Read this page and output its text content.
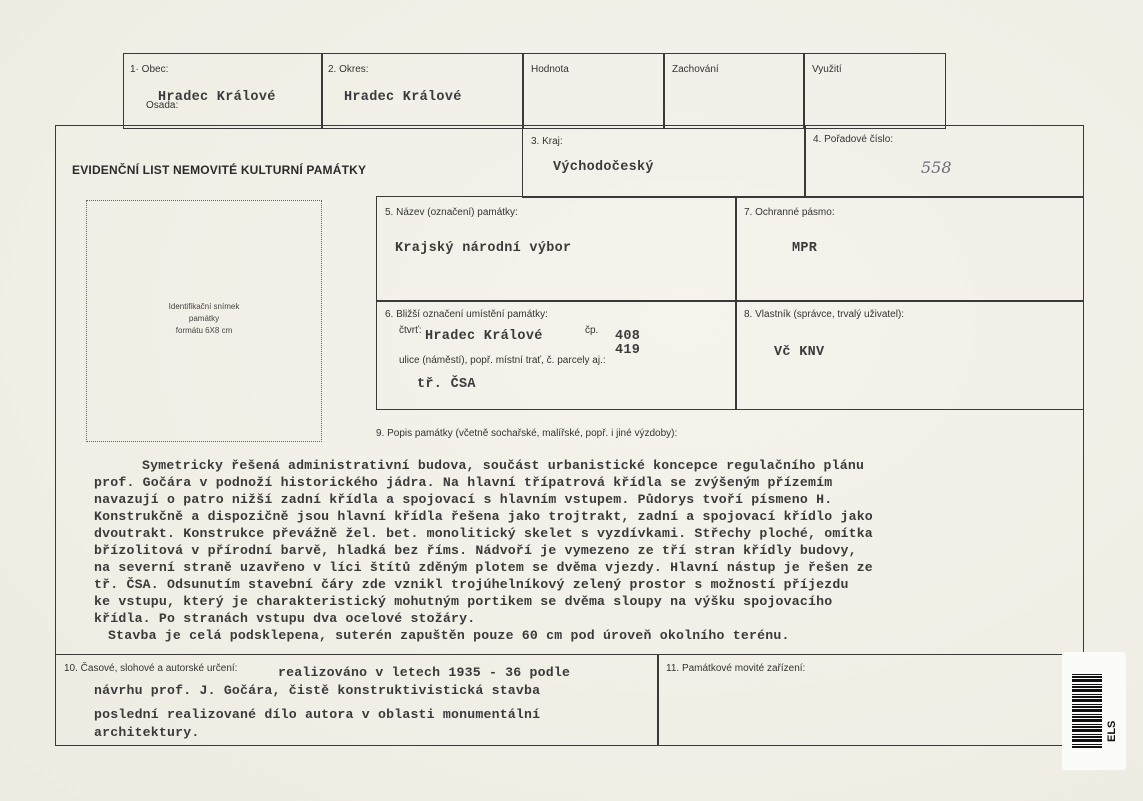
1· Obec:
Osada:
Hradec Králové
2. Okres:
Hradec Králové
Hodnota	Zachování	Využití
EVIDENČNÍ LIST NEMOVITÉ KULTURNÍ PAMÁTKY
3. Kraj:
Východočeský
4. Pořadové číslo:
558
Identifikační snímek
památky
formátu 6X8 cm
5. Název (označení) památky:
Krajský národní výbor
7. Ochranné pásmo:
MPR
6. Bližší označení umístění památky:
čtvrť: Hradec Králové	čp. 408
419
ulice (náměstí), popř. místní trať, č. parcely aj.:
tř. ČSA
8. Vlastník (správce, trvalý uživatel):
Vč KNV
9. Popis památky (včetně sochařské, malířské, popř. i jiné výzdoby):
Symetricky řešená administrativní budova, součást urbanistické koncepce regulačního plánu
prof. Gočára v podnoží historického jádra. Na hlavní třípatrová křídla se zvýšeným přízemím
navazují o patro nižší zadní křídla a spojovací s hlavním vstupem. Půdorys tvoří písmeno H.
Konstrukčně a dispozičně jsou hlavní křídla řešena jako trojtrakt, zadní a spojovací křídlo jako
dvoutrakt. Konstrukce převážně žel. bet. monolitický skelet s vyzdívkami. Střechy ploché, omítka
břízolitová v přírodní barvě, hladká bez říms. Nádvoří je vymezeno ze tří stran křídly budovy,
na severní straně uzavřeno v líci štítů zděným plotem se dvěma vjezdy. Hlavní nástup je řešen ze
tř. ČSA. Odsunutím stavební čáry zde vznikl trojúhelníkový zelený prostor s možností příjezdu
ke vstupu, který je charakteristický mohutným portikem se dvěma sloupy na výšku spojovacího
křídla. Po stranách vstupu dva ocelové stožáry.
Stavba je celá podsklepena, suterén zapuštěn pouze 60 cm pod úroveň okolního terénu.
10. Časové, slohové a autorské určení:	realizováno v letech 1935 - 36 podle
návrhu prof. J. Gočára, čistě konstruktivistická stavba
poslední realizované dílo autora v oblasti monumentální
architektury.
11. Památkové movité zařízení:
ELS
